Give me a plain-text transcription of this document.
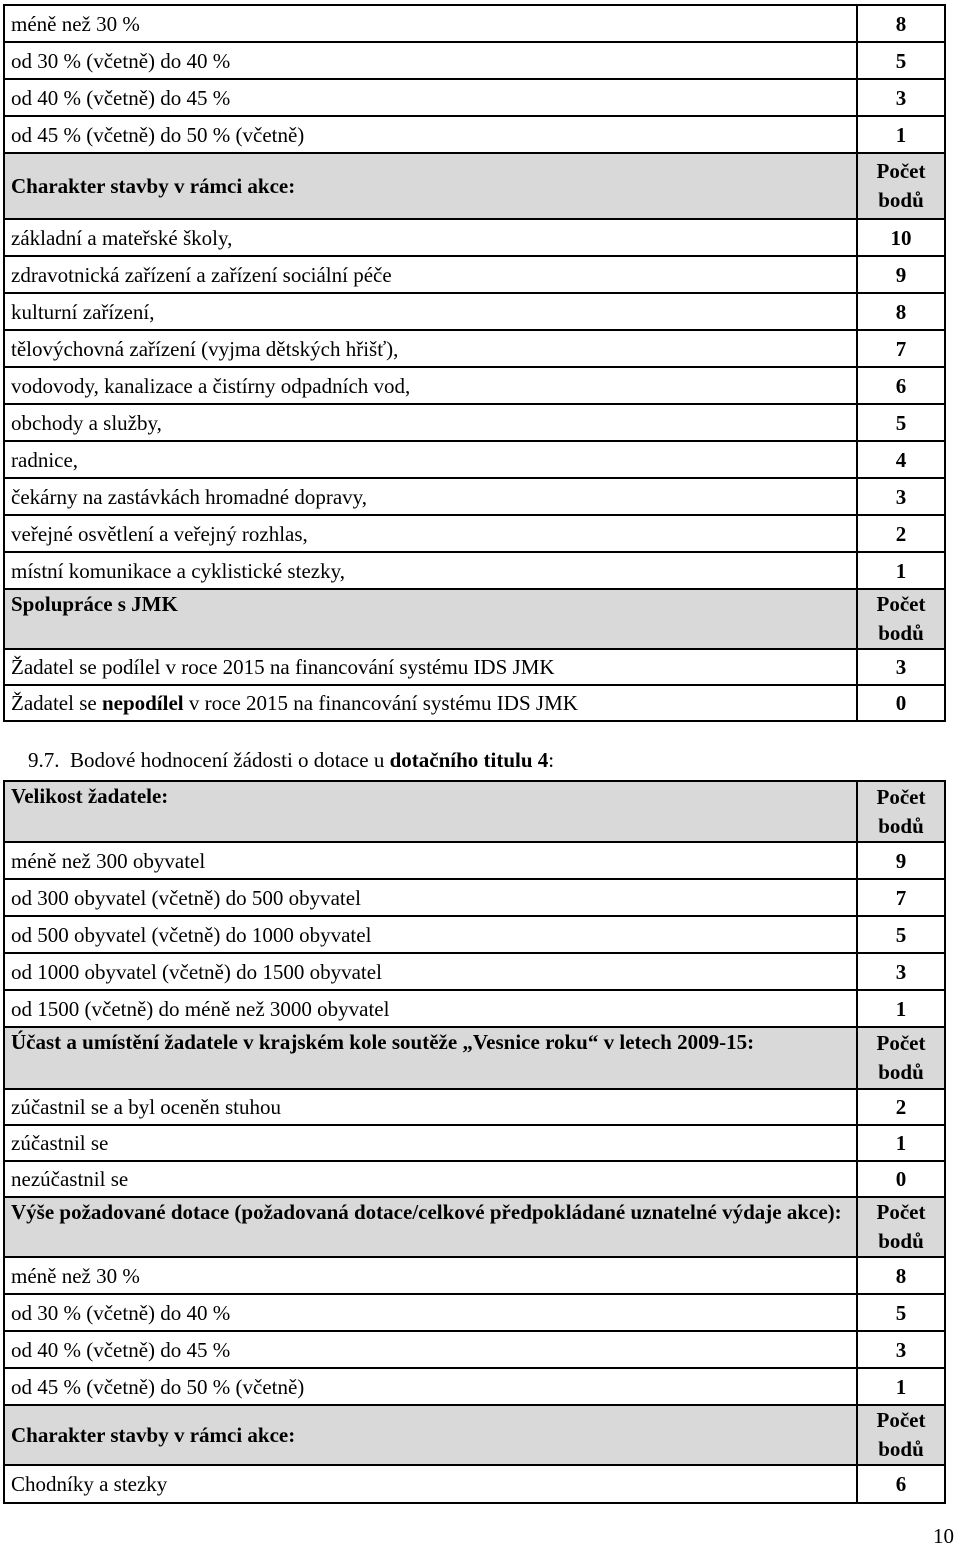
méně než 30 %	8
od 30 % (včetně) do 40 %	5
od 40 % (včetně) do 45 %	3
od 45 % (včetně) do 50 % (včetně)	1
Charakter stavby v rámci akce:	Počet
bodů

základní a mateřské školy,	10
zdravotnická zařízení a zařízení sociální péče	9
kulturní zařízení,	8
tělovýchovná zařízení (vyjma dětských hřišť),	7
vodovody, kanalizace a čistírny odpadních vod,	6
obchody a služby,	5
radnice,	4
čekárny na zastávkách hromadné dopravy,	3
veřejné osvětlení a veřejný rozhlas,	2
místní komunikace a cyklistické stezky,	1
Spolupráce s JMK	Počet
bodů

Žadatel se podílel v roce 2015 na financování systému IDS JMK	3
Žadatel se nepodílel v roce 2015 na financování systému IDS JMK	0
9.7. Bodové hodnocení žádosti o dotace u dotačního titulu 4:
Velikost žadatele:	Počet
bodů

méně než 300 obyvatel	9
od 300 obyvatel (včetně) do 500 obyvatel	7
od 500 obyvatel (včetně) do 1000 obyvatel	5
od 1000 obyvatel (včetně) do 1500 obyvatel	3
od 1500 (včetně) do méně než 3000 obyvatel	1
Účast a umístění žadatele v krajském kole soutěže „Vesnice roku“ v letech 2009-15:	Počet
bodů

zúčastnil se a byl oceněn stuhou	2
zúčastnil se	1
nezúčastnil se	0
Výše požadované dotace (požadovaná dotace/celkové předpokládané uznatelné výdaje akce):	Počet
bodů

méně než 30 %	8
od 30 % (včetně) do 40 %	5
od 40 % (včetně) do 45 %	3
od 45 % (včetně) do 50 % (včetně)	1
Charakter stavby v rámci akce:	Počet
bodů

Chodníky a stezky	6
10
